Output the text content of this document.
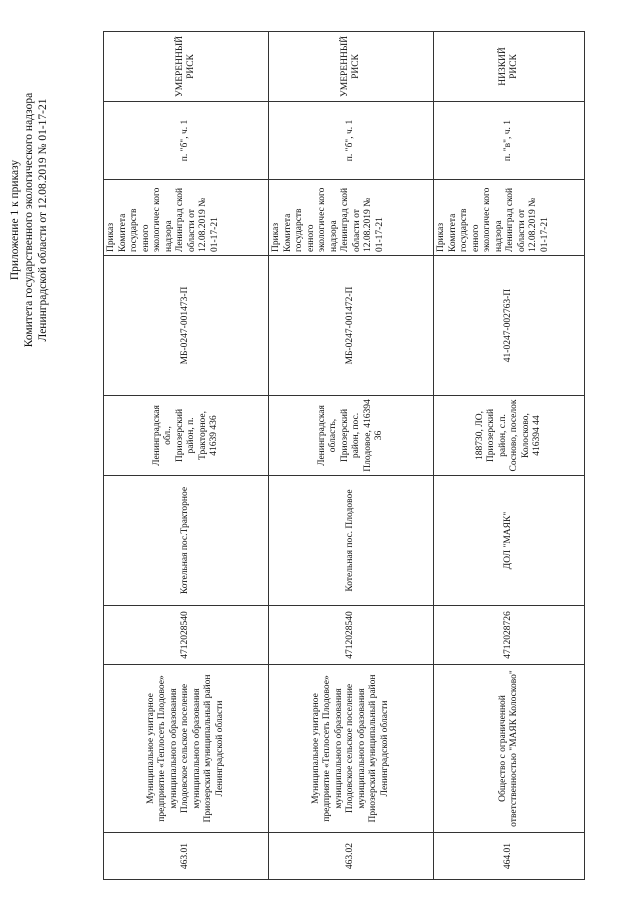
Приложение 1 к приказу Комитета государственного экологического надзора Ленинградской области от 12.08.2019 № 01-17-21
463.01	Муниципальное унитарное предприятие «Теплосеть Плодовое» муниципального образования Плодовское сельское поселение муниципального образования Приозерский муниципальный район Ленинградской области	4712028540	Котельная пос.Тракторное	Ленинградская обл., Приозерский район, п. Тракторное, 41639 436	МБ-0247-001473-П	Приказ Комитета государств енного экологичес кого надзора Ленинград ской области от 12.08.2019 № 01-17-21	п. "б", ч. 1	УМЕРЕННЫЙ РИСК
463.02	Муниципальное унитарное предприятие «Теплосеть Плодовое» муниципального образования Плодовское сельское поселение муниципального образования Приозерский муниципальный район Ленинградской области	4712028540	Котельная пос. Плодовое	Ленинградская область, Приозерский район, пос. Плодовое, 416394 36	МБ-0247-001472-П	Приказ Комитета государств енного экологичес кого надзора Ленинград ской области от 12.08.2019 № 01-17-21	п. "б", ч. 1	УМЕРЕННЫЙ РИСК
464.01	Общество с ограниченной ответственностью "МАЯК Колосково"	4712028726	ДОЛ "МАЯК"	188730, ЛО, Приозерский район, с.п. Сосново, поселок Колосково, 416394 44	41-0247-002763-П	Приказ Комитета государств енного экологичес кого надзора Ленинград ской области от 12.08.2019 № 01-17-21	п. "в", ч. 1	НИЗКИЙ РИСК
